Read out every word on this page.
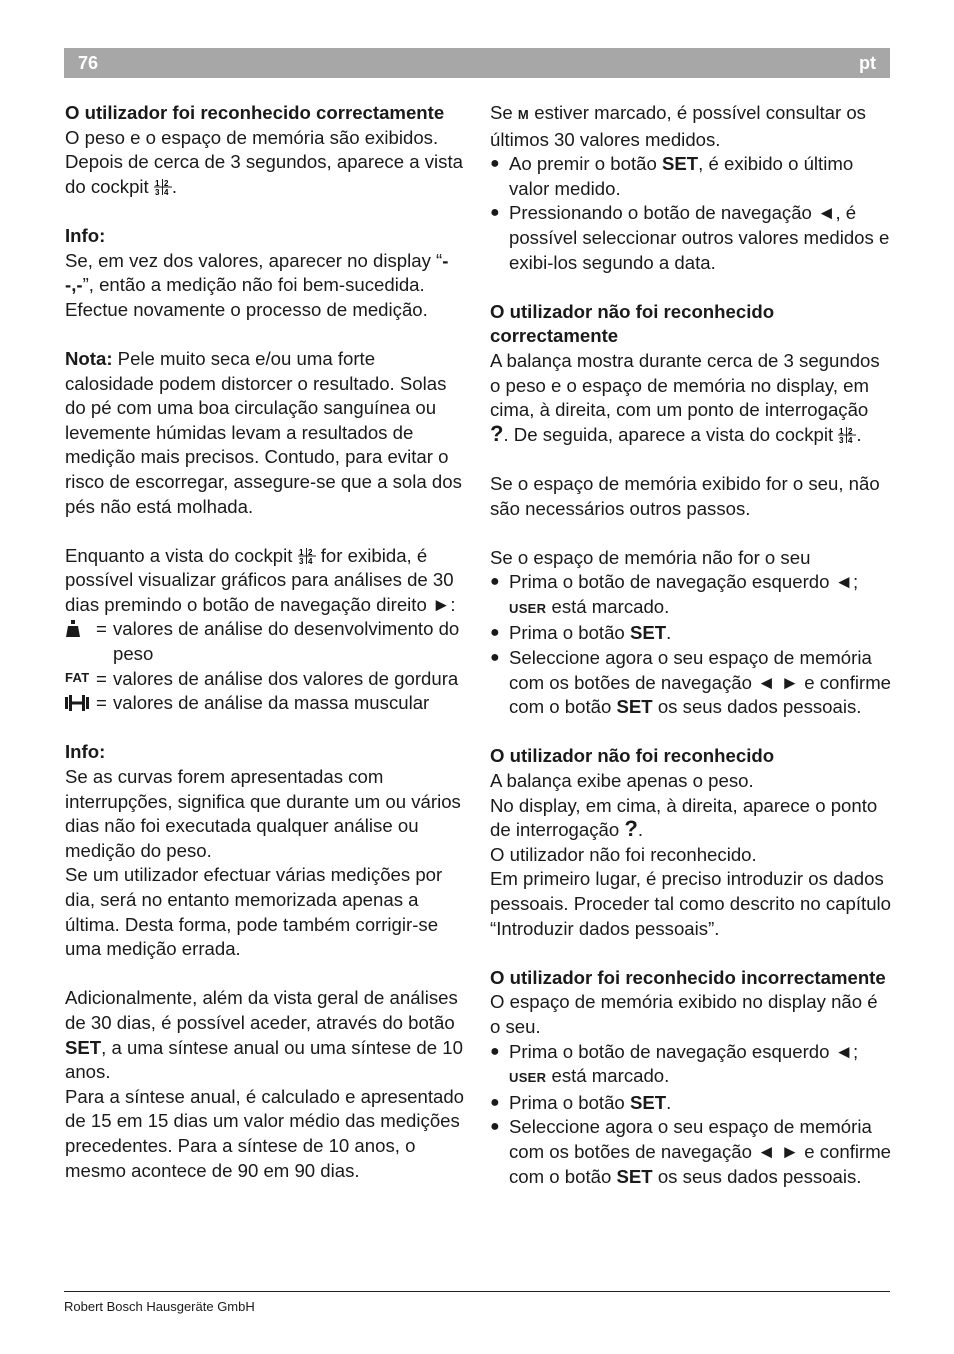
76	pt
O utilizador foi reconhecido correctamente

O peso e o espaço de memória são exibidos. Depois de cerca de 3 segundos, aparece a vista do cockpit 1 2
3 4 .

Info:

Se, em vez dos valores, aparecer no display “--,-”, então a medição não foi bem-sucedida. Efectue novamente o processo de medição.

Nota: Pele muito seca e/ou uma forte calosidade podem distorcer o resultado. Solas do pé com uma boa circulação sanguínea ou levemente húmidas levam a resultados de medição mais precisos. Contudo, para evitar o risco de escorregar, assegure-se que a sola dos pés não está molhada.

Enquanto a vista do cockpit 1 2
3 4 for exibida, é possível visualizar gráficos para análises de 30 dias premindo o botão de navegação direito ►:

= valores de análise do desenvolvimento do peso
FAT = valores de análise dos valores de gordura
= valores de análise da massa muscular
Info:

Se as curvas forem apresentadas com interrupções, significa que durante um ou vários dias não foi executada qualquer análise ou medição do peso.

Se um utilizador efectuar várias medições por dia, será no entanto memorizada apenas a última. Desta forma, pode também corrigir-se uma medição errada.

Adicionalmente, além da vista geral de análises de 30 dias, é possível aceder, através do botão SET, a uma síntese anual ou uma síntese de 10 anos.

Para a síntese anual, é calculado e apresentado de 15 em 15 dias um valor médio das medições precedentes. Para a síntese de 10 anos, o mesmo acontece de 90 em 90 dias.

Se M estiver marcado, é possível consultar os últimos 30 valores medidos.

● Ao premir o botão SET, é exibido o último valor medido.
● Pressionando o botão de navegação ◄, é possível seleccionar outros valores medidos e exibi-los segundo a data.
O utilizador não foi reconhecido correctamente

A balança mostra durante cerca de 3 segundos o peso e o espaço de memória no display, em cima, à direita, com um ponto de interrogação ?. De seguida, aparece a vista do cockpit 1 2
3 4 .

Se o espaço de memória exibido for o seu, não são necessários outros passos.

Se o espaço de memória não for o seu

● Prima o botão de navegação esquerdo ◄; USER está marcado.
● Prima o botão SET.
● Seleccione agora o seu espaço de memória com os botões de navegação ◄ ► e confirme com o botão SET os seus dados pessoais.
O utilizador não foi reconhecido

A balança exibe apenas o peso.

No display, em cima, à direita, aparece o ponto de interrogação ?.

O utilizador não foi reconhecido.

Em primeiro lugar, é preciso introduzir os dados pessoais. Proceder tal como descrito no capítulo “Introduzir dados pessoais”.

O utilizador foi reconhecido incorrectamente

O espaço de memória exibido no display não é o seu.

● Prima o botão de navegação esquerdo ◄; USER está marcado.
● Prima o botão SET.
● Seleccione agora o seu espaço de memória com os botões de navegação ◄ ► e confirme com o botão SET os seus dados pessoais.
Robert Bosch Hausgeräte GmbH
